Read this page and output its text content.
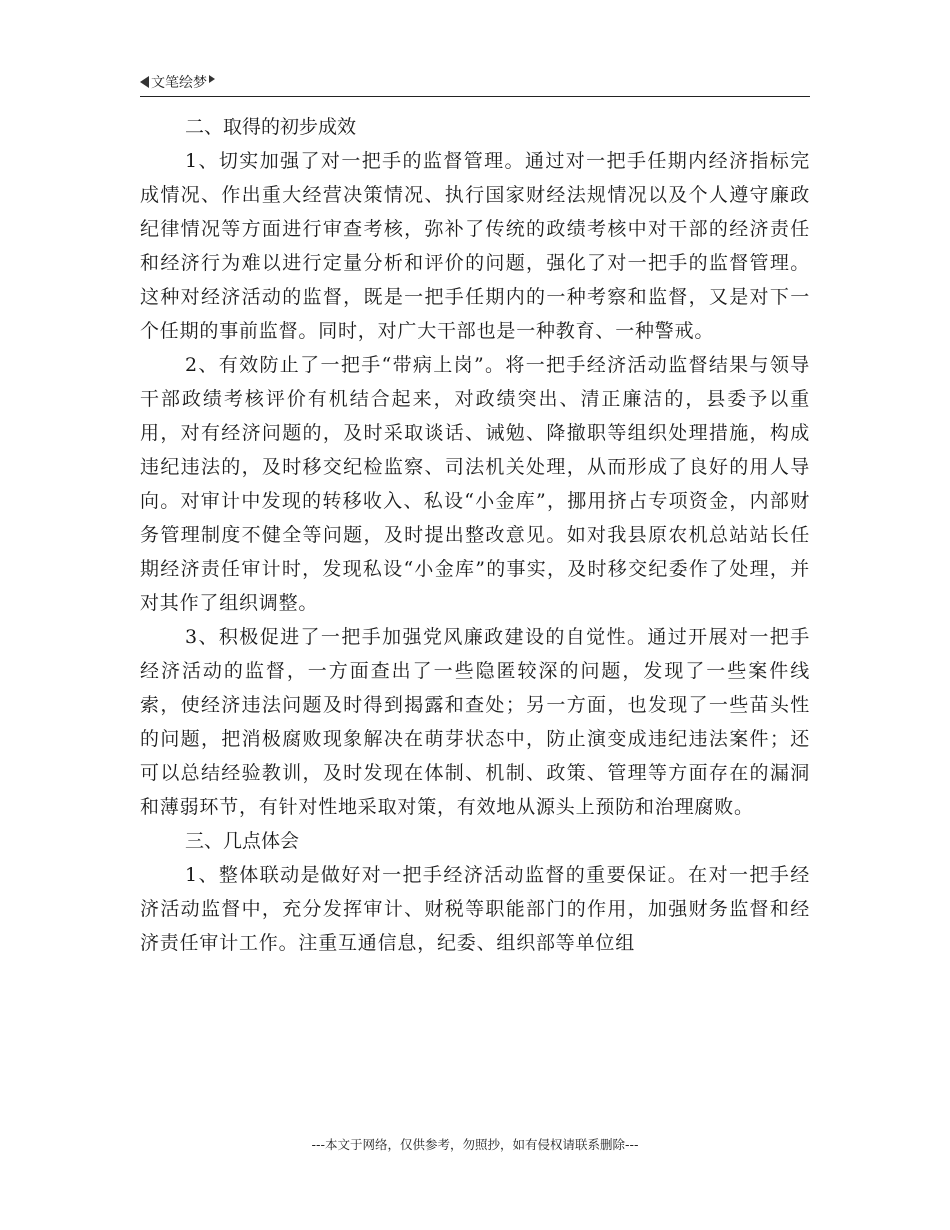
文笔绘梦

二、取得的初步成效

1、切实加强了对一把手的监督管理。通过对一把手任期内经济指标完成情况、作出重大经营决策情况、执行国家财经法规情况以及个人遵守廉政纪律情况等方面进行审查考核，弥补了传统的政绩考核中对干部的经济责任和经济行为难以进行定量分析和评价的问题，强化了对一把手的监督管理。这种对经济活动的监督，既是一把手任期内的一种考察和监督，又是对下一个任期的事前监督。同时，对广大干部也是一种教育、一种警戒。

2、有效防止了一把手“带病上岗”。将一把手经济活动监督结果与领导干部政绩考核评价有机结合起来，对政绩突出、清正廉洁的，县委予以重用，对有经济问题的，及时采取谈话、诫勉、降撤职等组织处理措施，构成违纪违法的，及时移交纪检监察、司法机关处理，从而形成了良好的用人导向。对审计中发现的转移收入、私设“小金库”，挪用挤占专项资金，内部财务管理制度不健全等问题，及时提出整改意见。如对我县原农机总站站长任期经济责任审计时，发现私设“小金库”的事实，及时移交纪委作了处理，并对其作了组织调整。

3、积极促进了一把手加强党风廉政建设的自觉性。通过开展对一把手经济活动的监督，一方面查出了一些隐匿较深的问题，发现了一些案件线索，使经济违法问题及时得到揭露和查处；另一方面，也发现了一些苗头性的问题，把消极腐败现象解决在萌芽状态中，防止演变成违纪违法案件；还可以总结经验教训，及时发现在体制、机制、政策、管理等方面存在的漏洞和薄弱环节，有针对性地采取对策，有效地从源头上预防和治理腐败。

三、几点体会

1、整体联动是做好对一把手经济活动监督的重要保证。在对一把手经济活动监督中，充分发挥审计、财税等职能部门的作用，加强财务监督和经济责任审计工作。注重互通信息，纪委、组织部等单位组

---本文于网络，仅供参考，勿照抄，如有侵权请联系删除---
